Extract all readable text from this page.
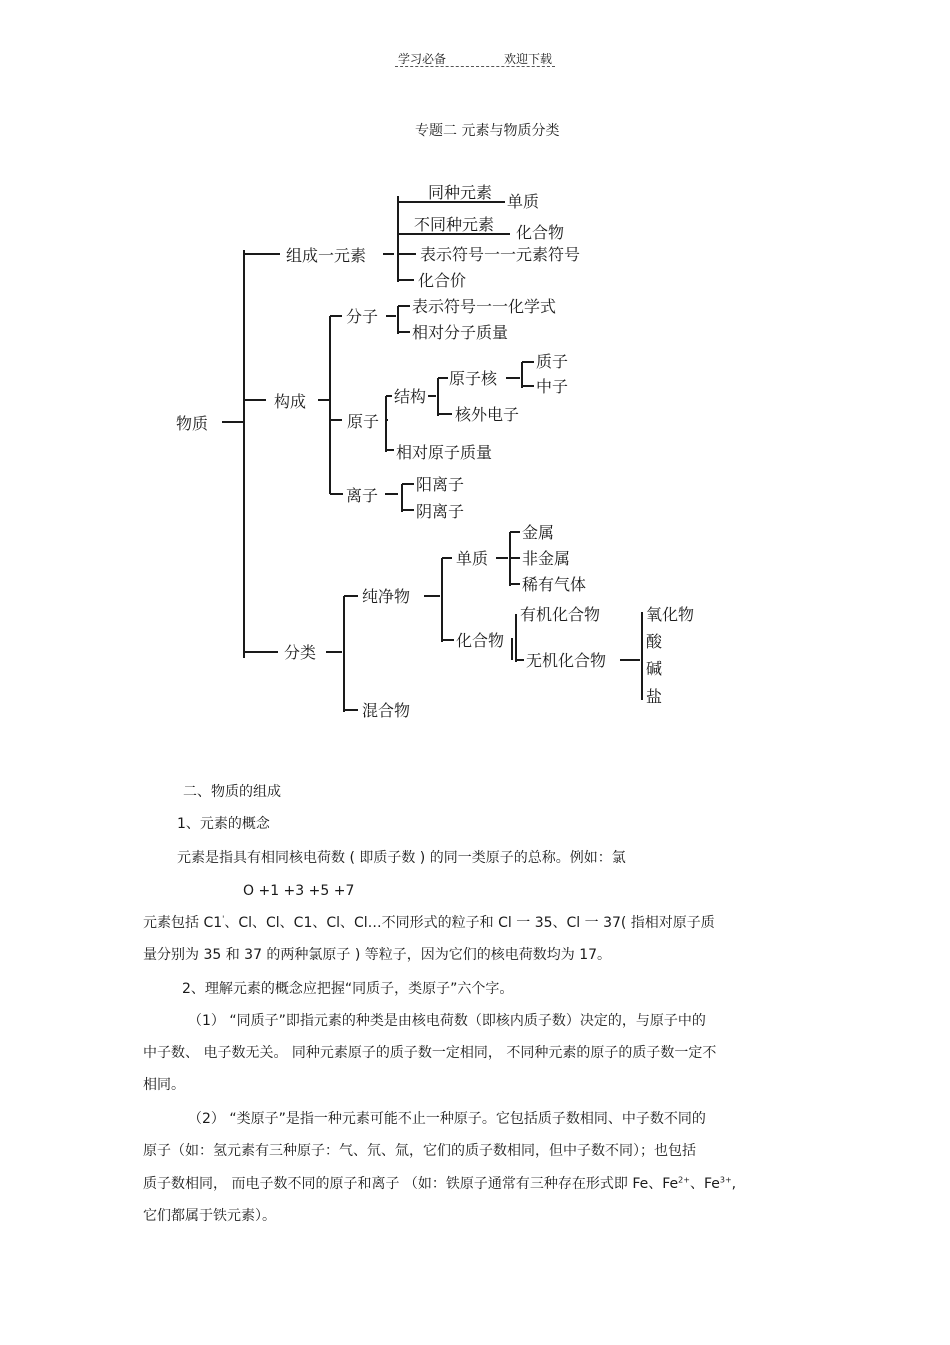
学习必备	欢迎下载
专题二 元素与物质分类
物质
组成一元素
同种元素 单质
不同种元素 化合物
表示符号一一元素符号
化合价
构成
分子
表示符号一一化学式
相对分子质量
原子
结构
原子核
质子
中子
核外电子
相对原子质量
离子
阳离子
阴离子
分类
纯净物
单质
金属
非金属
稀有气体
化合物
有机化合物
无机化合物
氧化物
酸
碱
盐
混合物
二、物质的组成
1、元素的概念
元素是指具有相同核电荷数 ( 即质子数 ) 的同一类原子的总称。例如：氯
O +1 +3 +5 +7
元素包括 C1'、Cl、Cl、C1、Cl、Cl…不同形式的粒子和 Cl 一 35、Cl 一 37( 指相对原子质
量分别为 35 和 37 的两种氯原子 ) 等粒子，因为它们的核电荷数均为 17。
2、理解元素的概念应把握“同质子，类原子”六个字。
（1） “同质子”即指元素的种类是由核电荷数（即核内质子数）决定的，与原子中的
中子数、 电子数无关。 同种元素原子的质子数一定相同， 不同种元素的原子的质子数一定不
相同。
（2） “类原子”是指一种元素可能不止一种原子。它包括质子数相同、中子数不同的
原子（如：氢元素有三种原子：气、氘、氚，它们的质子数相同，但中子数不同）；也包括
质子数相同， 而电子数不同的原子和离子 （如：铁原子通常有三种存在形式即 Fe、$Fe^{2+}$、$Fe^{3+}$,
它们都属于铁元素）。
